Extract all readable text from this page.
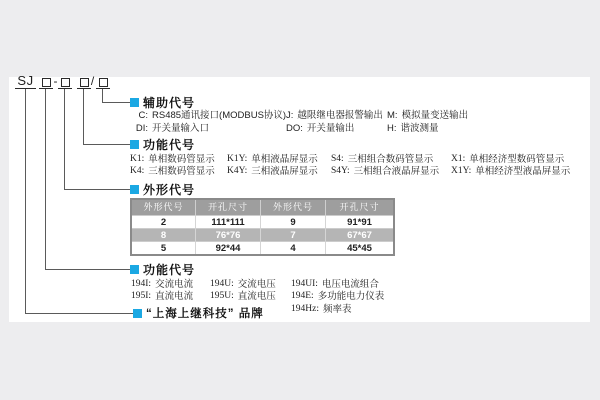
SJ -	/
辅助代号
C: RS485通讯接口(MODBUS协议) J: 越限继电器报警输出 M: 模拟量变送输出
DI: 开关量输入口	DO: 开关量输出	H: 谐波测量
功能代号
K1: 单相数码管显示 K1Y: 单相液晶屏显示 S4: 三相组合数码管显示 X1: 单相经济型数码管显示
K4: 三相数码管显示 K4Y: 三相液晶屏显示 S4Y: 三相组合液晶屏显示 X1Y: 单相经济型液晶屏显示
外形代号
外形代号	开孔尺寸	外形代号	开孔尺寸
2	111*111	9	91*91
8	76*76	7	67*67
5	92*44	4	45*45
功能代号
194I: 交流电流 194U: 交流电压 194UI: 电压电流组合
195I: 直流电流 195U: 直流电压 194E: 多功能电力仪表
194Hz: 频率表
“上海上继科技” 品牌
